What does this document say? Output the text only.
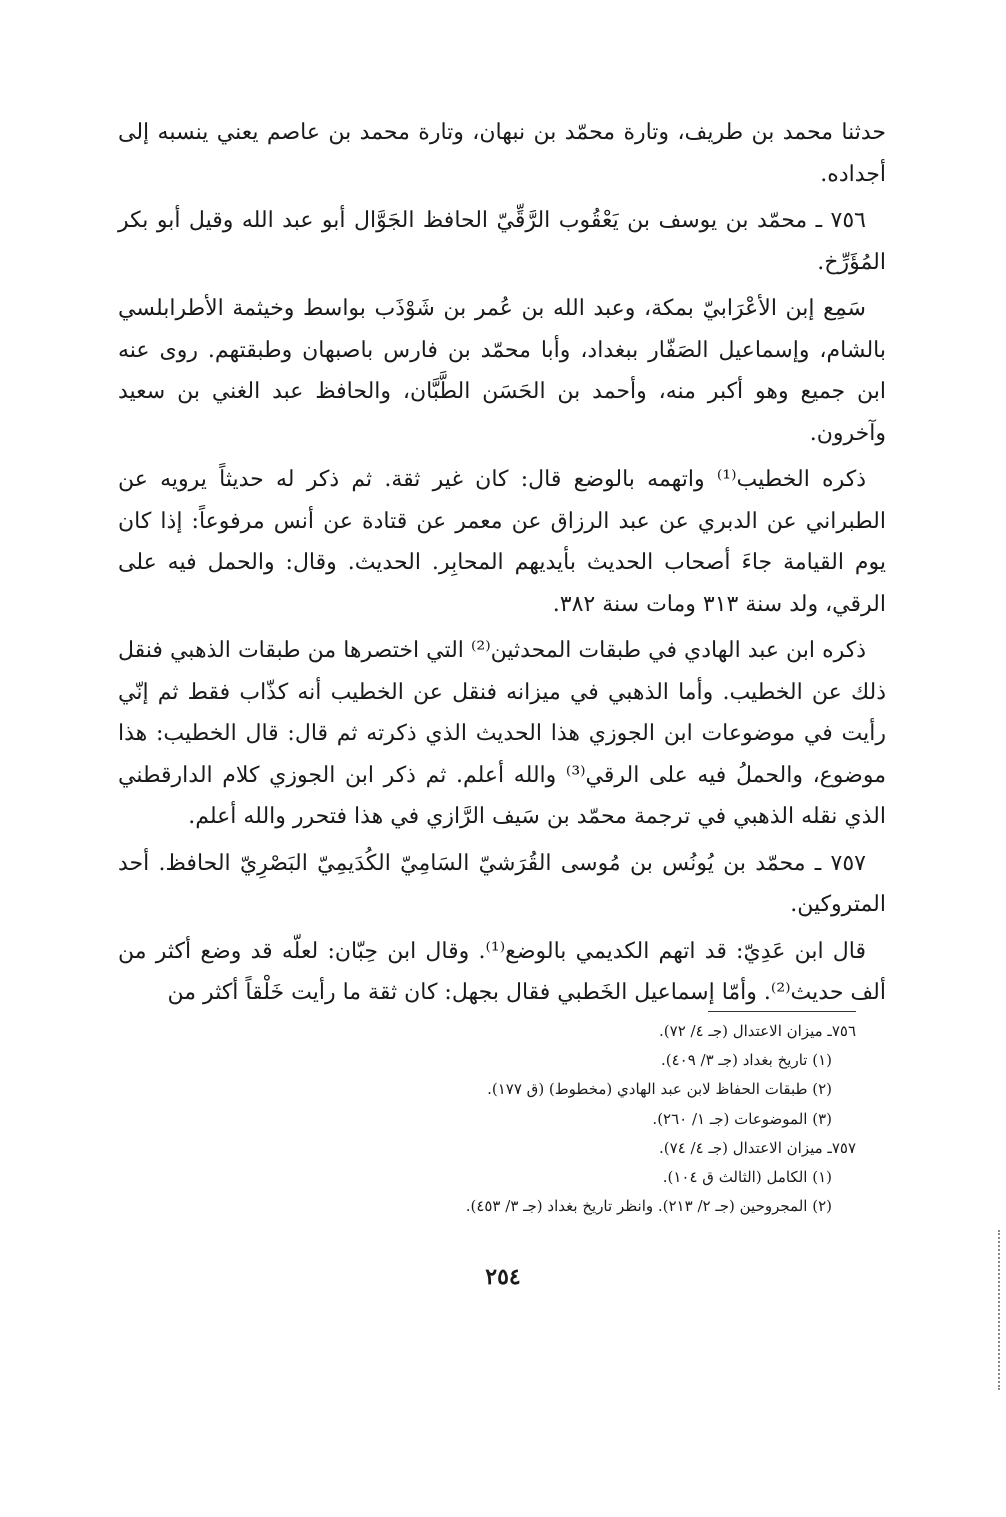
حدثنا محمد بن طريف، وتارة محمّد بن نبهان، وتارة محمد بن عاصم يعني ينسبه إلى أجداده.

٧٥٦ ـ محمّد بن يوسف بن يَعْقُوب الرَّقِّيّ الحافظ الجَوَّال أبو عبد الله وقيل أبو بكر المُؤَرِّخ.

سَمِع إبن الأعْرَابيّ بمكة، وعبد الله بن عُمر بن شَوْذَب بواسط وخيثمة الأطرابلسي بالشام، وإسماعيل الصَفّار ببغداد، وأبا محمّد بن فارس باصبهان وطبقتهم. روى عنه ابن جميع وهو أكبر منه، وأحمد بن الحَسَن الطَّبَّان، والحافظ عبد الغني بن سعيد وآخرون.

ذكره الخطيب⁽¹⁾ واتهمه بالوضع قال: كان غير ثقة. ثم ذكر له حديثاً يرويه عن الطبراني عن الدبري عن عبد الرزاق عن معمر عن قتادة عن أنس مرفوعاً: إذا كان يوم القيامة جاءَ أصحاب الحديث بأيديهم المحابِر. الحديث. وقال: والحمل فيه على الرقي، ولد سنة ٣١٣ ومات سنة ٣٨٢.

ذكره ابن عبد الهادي في طبقات المحدثين⁽²⁾ التي اختصرها من طبقات الذهبي فنقل ذلك عن الخطيب. وأما الذهبي في ميزانه فنقل عن الخطيب أنه كذّاب فقط ثم إنّي رأيت في موضوعات ابن الجوزي هذا الحديث الذي ذكرته ثم قال: قال الخطيب: هذا موضوع، والحملُ فيه على الرقي⁽³⁾ والله أعلم. ثم ذكر ابن الجوزي كلام الدارقطني الذي نقله الذهبي في ترجمة محمّد بن سَيف الرَّازي في هذا فتحرر والله أعلم.

٧٥٧ ـ محمّد بن يُونُس بن مُوسى القُرَشيّ السَامِيّ الكُدَيمِيّ البَصْرِيّ الحافظ. أحد المتروكين.

قال ابن عَدِيّ: قد اتهم الكديمي بالوضع⁽¹⁾. وقال ابن حِبّان: لعلّه قد وضع أكثر من ألف حديث⁽²⁾. وأمّا إسماعيل الخَطبي فقال بجهل: كان ثقة ما رأيت خَلْقاً أكثر من

٧٥٦ـ ميزان الاعتدال (جـ ٤/ ٧٢).
(١) تاريخ بغداد (جـ ٣/ ٤٠٩).
(٢) طبقات الحفاظ لابن عبد الهادي (مخطوط) (ق ١٧٧).
(٣) الموضوعات (جـ ١/ ٢٦٠).
٧٥٧ـ ميزان الاعتدال (جـ ٤/ ٧٤).
(١) الكامل (الثالث ق ١٠٤).
(٢) المجروحين (جـ ٢/ ٢١٣). وانظر تاريخ بغداد (جـ ٣/ ٤٥٣).
٢٥٤
